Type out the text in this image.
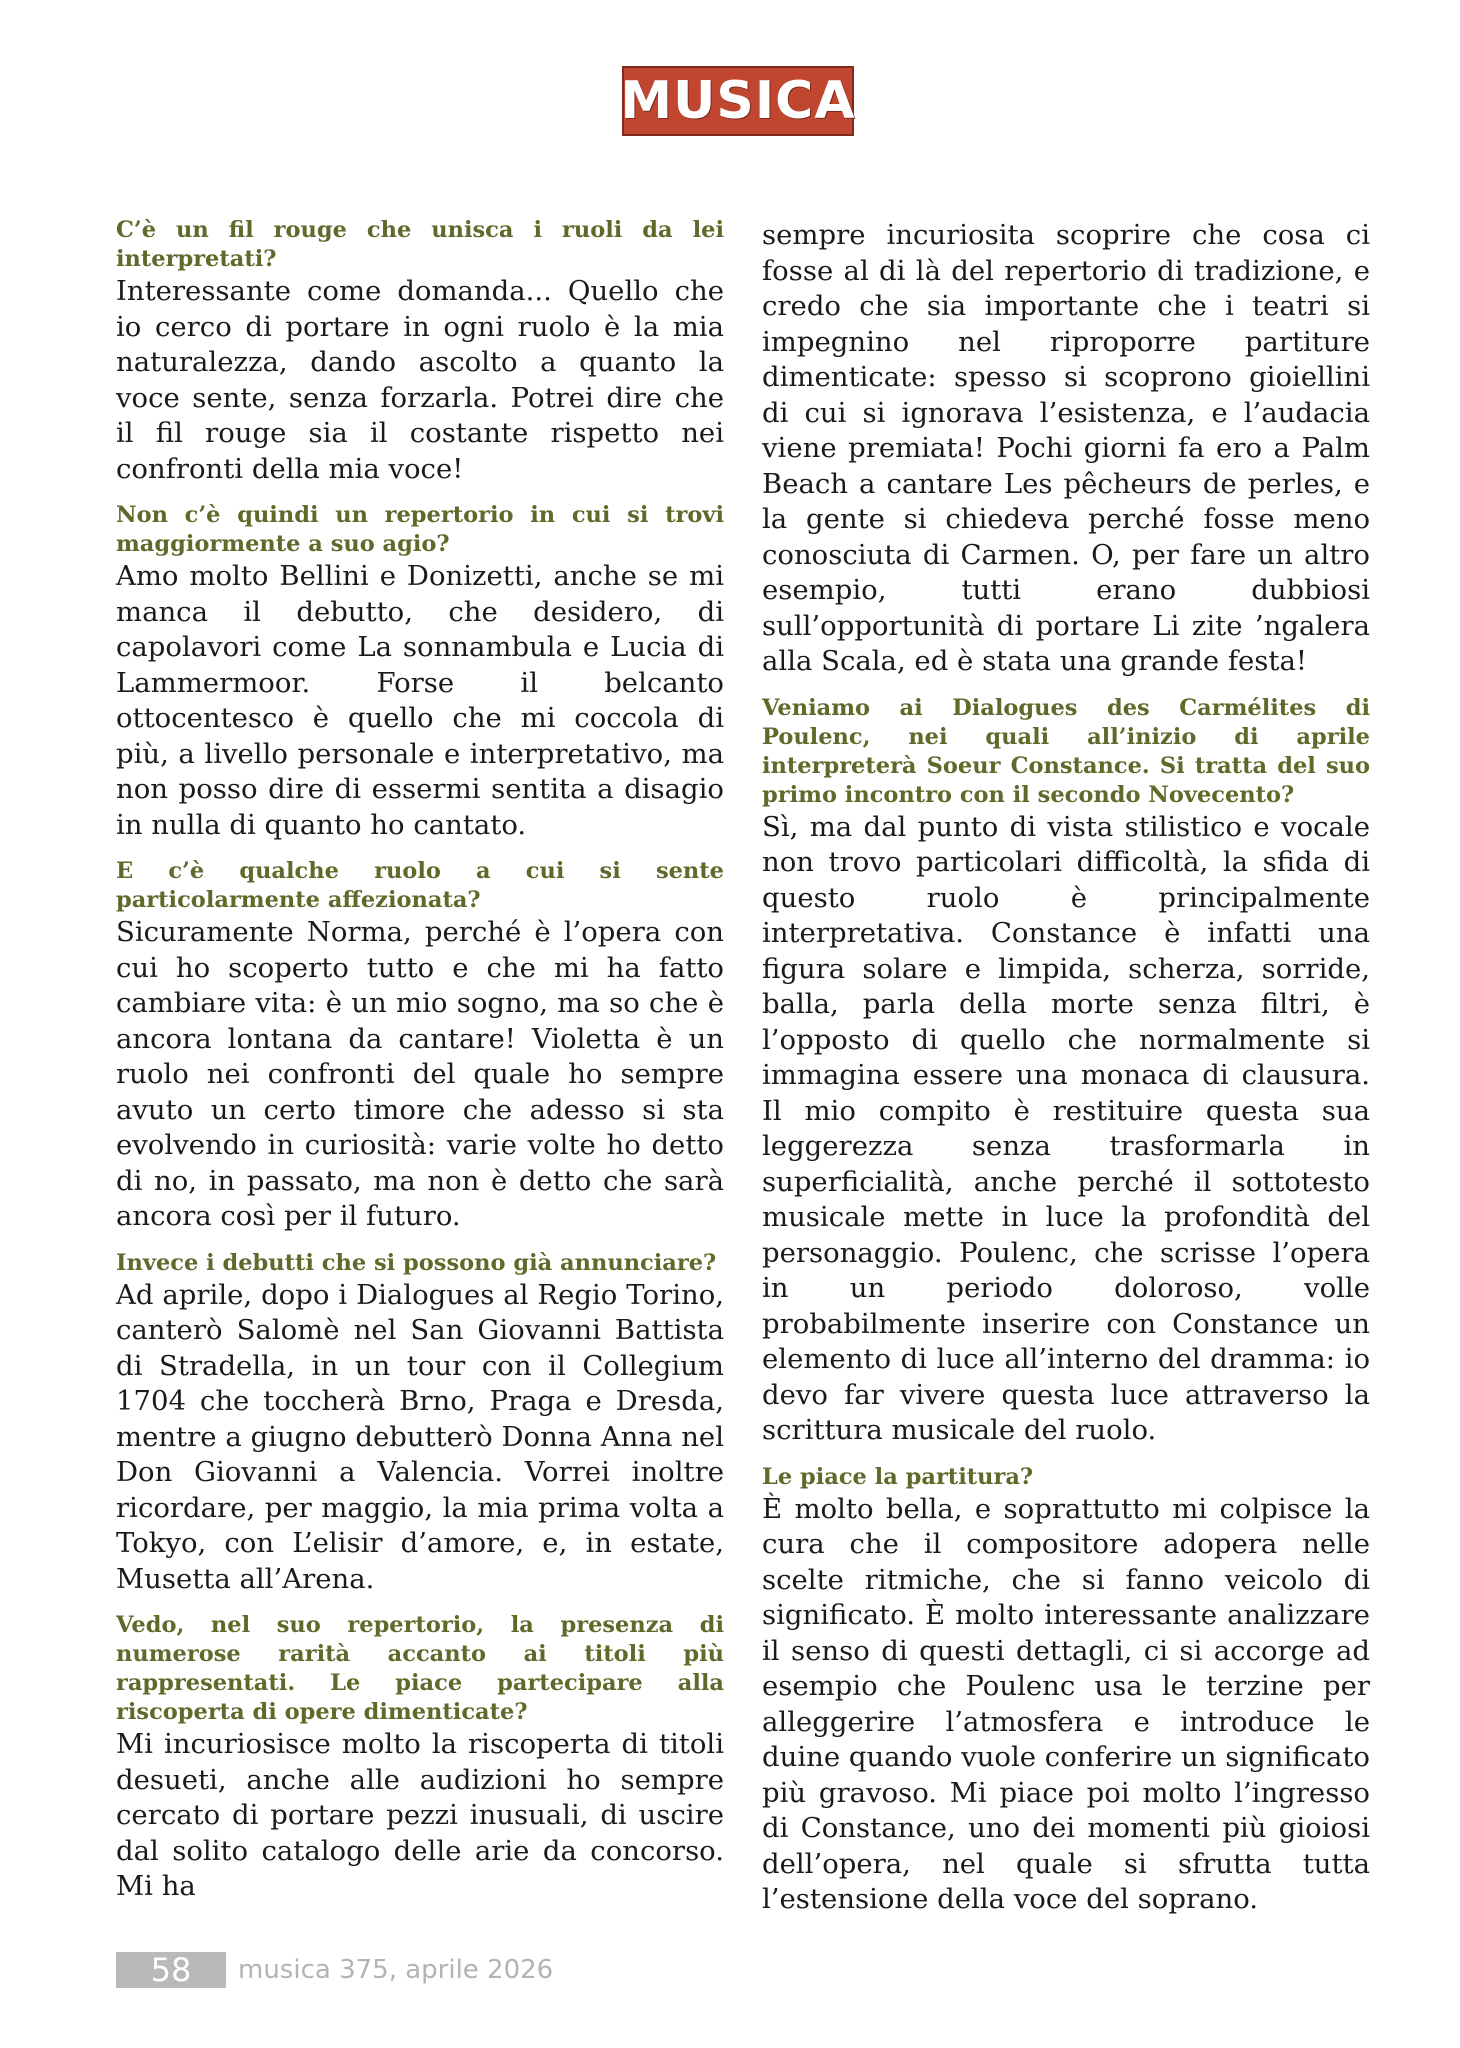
MUSICA

C’è un fil rouge che unisca i ruoli da lei interpretati?

Interessante come domanda... Quello che io cerco di portare in ogni ruolo è la mia naturalezza, dando ascolto a quanto la voce sente, senza forzarla. Potrei dire che il fil rouge sia il costante rispetto nei confronti della mia voce!

Non c’è quindi un repertorio in cui si trovi maggiormente a suo agio?

Amo molto Bellini e Donizetti, anche se mi manca il debutto, che desidero, di capolavori come La sonnambula e Lucia di Lammermoor. Forse il belcanto ottocentesco è quello che mi coccola di più, a livello personale e interpretativo, ma non posso dire di essermi sentita a disagio in nulla di quanto ho cantato.

E c’è qualche ruolo a cui si sente particolarmente affezionata?

Sicuramente Norma, perché è l’opera con cui ho scoperto tutto e che mi ha fatto cambiare vita: è un mio sogno, ma so che è ancora lontana da cantare! Violetta è un ruolo nei confronti del quale ho sempre avuto un certo timore che adesso si sta evolvendo in curiosità: varie volte ho detto di no, in passato, ma non è detto che sarà ancora così per il futuro.

Invece i debutti che si possono già annunciare?

Ad aprile, dopo i Dialogues al Regio Torino, canterò Salomè nel San Giovanni Battista di Stradella, in un tour con il Collegium 1704 che toccherà Brno, Praga e Dresda, mentre a giugno debutterò Donna Anna nel Don Giovanni a Valencia. Vorrei inoltre ricordare, per maggio, la mia prima volta a Tokyo, con L’elisir d’amore, e, in estate, Musetta all’Arena.

Vedo, nel suo repertorio, la presenza di numerose rarità accanto ai titoli più rappresentati. Le piace partecipare alla riscoperta di opere dimenticate?

Mi incuriosisce molto la riscoperta di titoli desueti, anche alle audizioni ho sempre cercato di portare pezzi inusuali, di uscire dal solito catalogo delle arie da concorso. Mi ha

sempre incuriosita scoprire che cosa ci fosse al di là del repertorio di tradizione, e credo che sia importante che i teatri si impegnino nel riproporre partiture dimenticate: spesso si scoprono gioiellini di cui si ignorava l’esistenza, e l’audacia viene premiata! Pochi giorni fa ero a Palm Beach a cantare Les pêcheurs de perles, e la gente si chiedeva perché fosse meno conosciuta di Carmen. O, per fare un altro esempio, tutti erano dubbiosi sull’opportunità di portare Li zite ’ngalera alla Scala, ed è stata una grande festa!

Veniamo ai Dialogues des Carmélites di Poulenc, nei quali all’inizio di aprile interpreterà Soeur Constance. Si tratta del suo primo incontro con il secondo Novecento?

Sì, ma dal punto di vista stilistico e vocale non trovo particolari difficoltà, la sfida di questo ruolo è principalmente interpretativa. Constance è infatti una figura solare e limpida, scherza, sorride, balla, parla della morte senza filtri, è l’opposto di quello che normalmente si immagina essere una monaca di clausura. Il mio compito è restituire questa sua leggerezza senza trasformarla in superficialità, anche perché il sottotesto musicale mette in luce la profondità del personaggio. Poulenc, che scrisse l’opera in un periodo doloroso, volle probabilmente inserire con Constance un elemento di luce all’interno del dramma: io devo far vivere questa luce attraverso la scrittura musicale del ruolo.

Le piace la partitura?

È molto bella, e soprattutto mi colpisce la cura che il compositore adopera nelle scelte ritmiche, che si fanno veicolo di significato. È molto interessante analizzare il senso di questi dettagli, ci si accorge ad esempio che Poulenc usa le terzine per alleggerire l’atmosfera e introduce le duine quando vuole conferire un significato più gravoso. Mi piace poi molto l’ingresso di Constance, uno dei momenti più gioiosi dell’opera, nel quale si sfrutta tutta l’estensione della voce del soprano.

58	musica 375, aprile 2026
